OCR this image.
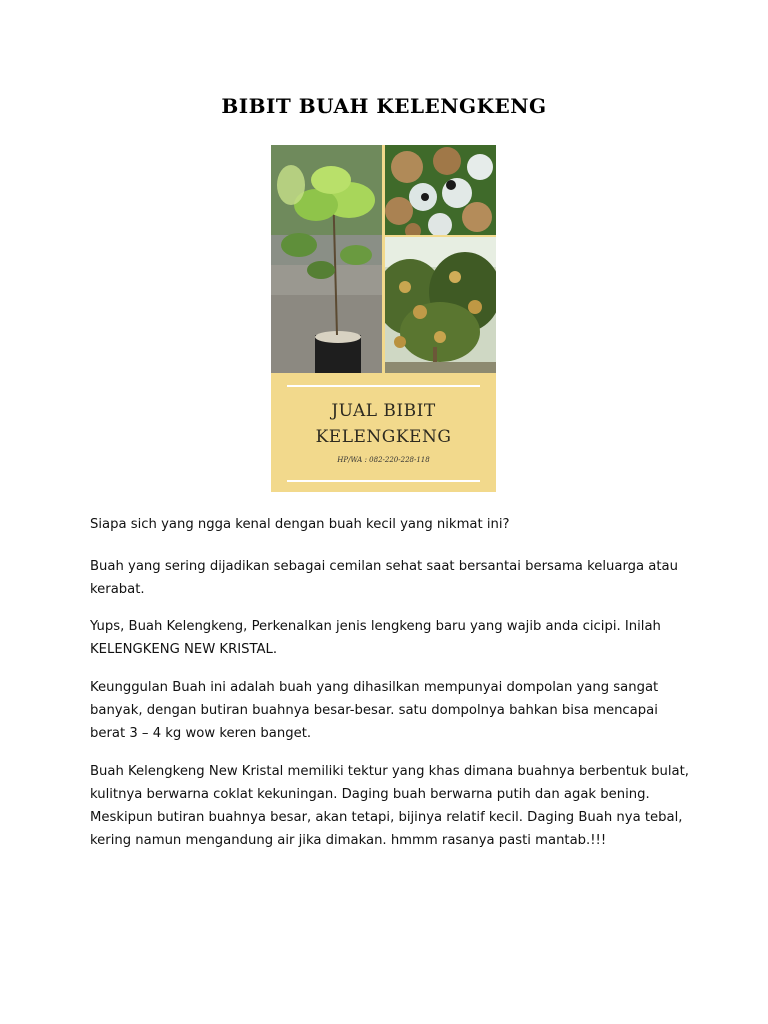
BIBIT BUAH KELENGKENG
JUAL BIBIT
KELENGKENG
HP/WA : 082-220-228-118

Siapa sich yang ngga kenal dengan buah kecil yang nikmat ini?

Buah yang sering dijadikan sebagai cemilan sehat saat bersantai bersama keluarga atau kerabat.

Yups, Buah Kelengkeng, Perkenalkan jenis lengkeng baru yang wajib anda cicipi. Inilah KELENGKENG NEW KRISTAL.

Keunggulan Buah ini adalah buah yang dihasilkan mempunyai dompolan yang sangat banyak, dengan butiran buahnya besar-besar. satu dompolnya bahkan bisa mencapai berat 3 – 4 kg wow keren banget.

Buah Kelengkeng New Kristal memiliki tektur yang khas dimana buahnya berbentuk bulat, kulitnya berwarna coklat kekuningan. Daging buah berwarna putih dan agak bening. Meskipun butiran buahnya besar, akan tetapi, bijinya relatif kecil. Daging Buah nya tebal, kering namun mengandung air jika dimakan. hmmm rasanya pasti mantab.!!!
